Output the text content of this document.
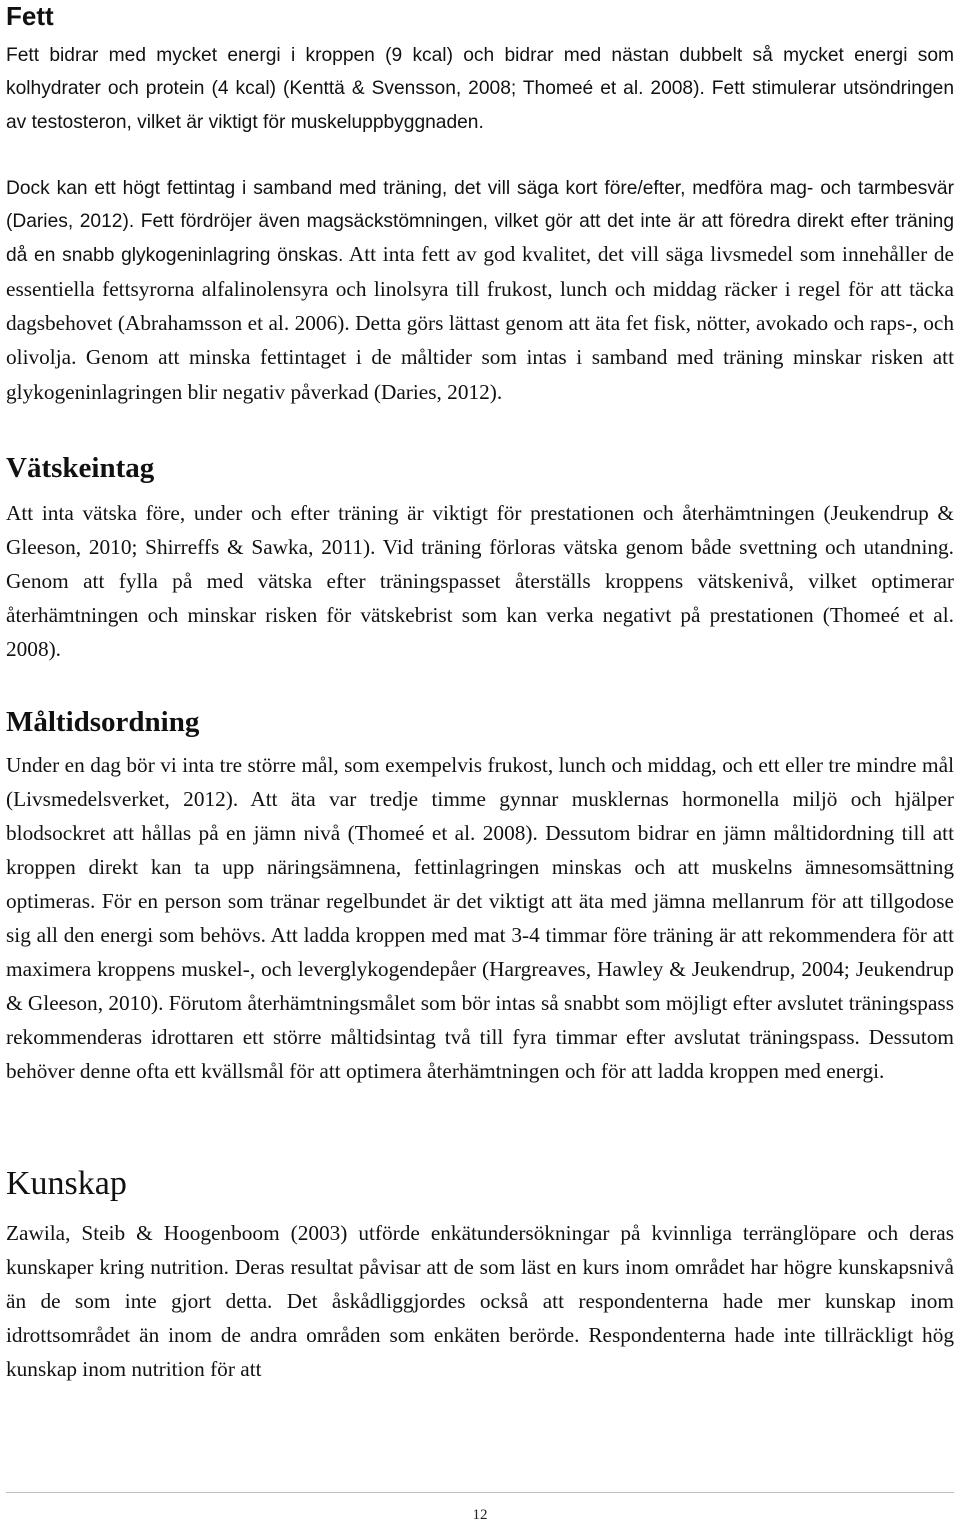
Fett

Fett bidrar med mycket energi i kroppen (9 kcal) och bidrar med nästan dubbelt så mycket energi som kolhydrater och protein (4 kcal) (Kenttä & Svensson, 2008; Thomeé et al. 2008). Fett stimulerar utsöndringen av testosteron, vilket är viktigt för muskeluppbyggnaden.

Dock kan ett högt fettintag i samband med träning, det vill säga kort före/efter, medföra mag- och tarmbesvär (Daries, 2012). Fett fördröjer även magsäckstömningen, vilket gör att det inte är att föredra direkt efter träning då en snabb glykogeninlagring önskas. Att inta fett av god kvalitet, det vill säga livsmedel som innehåller de essentiella fettsyrorna alfalinolensyra och linolsyra till frukost, lunch och middag räcker i regel för att täcka dagsbehovet (Abrahamsson et al. 2006). Detta görs lättast genom att äta fet fisk, nötter, avokado och raps-, och olivolja. Genom att minska fettintaget i de måltider som intas i samband med träning minskar risken att glykogeninlagringen blir negativ påverkad (Daries, 2012).

Vätskeintag

Att inta vätska före, under och efter träning är viktigt för prestationen och återhämtningen (Jeukendrup & Gleeson, 2010; Shirreffs & Sawka, 2011). Vid träning förloras vätska genom både svettning och utandning. Genom att fylla på med vätska efter träningspasset återställs kroppens vätskenivå, vilket optimerar återhämtningen och minskar risken för vätskebrist som kan verka negativt på prestationen (Thomeé et al. 2008).

Måltidsordning

Under en dag bör vi inta tre större mål, som exempelvis frukost, lunch och middag, och ett eller tre mindre mål (Livsmedelsverket, 2012). Att äta var tredje timme gynnar musklernas hormonella miljö och hjälper blodsockret att hållas på en jämn nivå (Thomeé et al. 2008). Dessutom bidrar en jämn måltidordning till att kroppen direkt kan ta upp näringsämnena, fettinlagringen minskas och att muskelns ämnesomsättning optimeras. För en person som tränar regelbundet är det viktigt att äta med jämna mellanrum för att tillgodose sig all den energi som behövs. Att ladda kroppen med mat 3-4 timmar före träning är att rekommendera för att maximera kroppens muskel-, och leverglykogendepåer (Hargreaves, Hawley & Jeukendrup, 2004; Jeukendrup & Gleeson, 2010). Förutom återhämtningsmålet som bör intas så snabbt som möjligt efter avslutet träningspass rekommenderas idrottaren ett större måltidsintag två till fyra timmar efter avslutat träningspass. Dessutom behöver denne ofta ett kvällsmål för att optimera återhämtningen och för att ladda kroppen med energi.

Kunskap

Zawila, Steib & Hoogenboom (2003) utförde enkätundersökningar på kvinnliga terränglöpare och deras kunskaper kring nutrition. Deras resultat påvisar att de som läst en kurs inom området har högre kunskapsnivå än de som inte gjort detta. Det åskådliggjordes också att respondenterna hade mer kunskap inom idrottsområdet än inom de andra områden som enkäten berörde. Respondenterna hade inte tillräckligt hög kunskap inom nutrition för att

12
